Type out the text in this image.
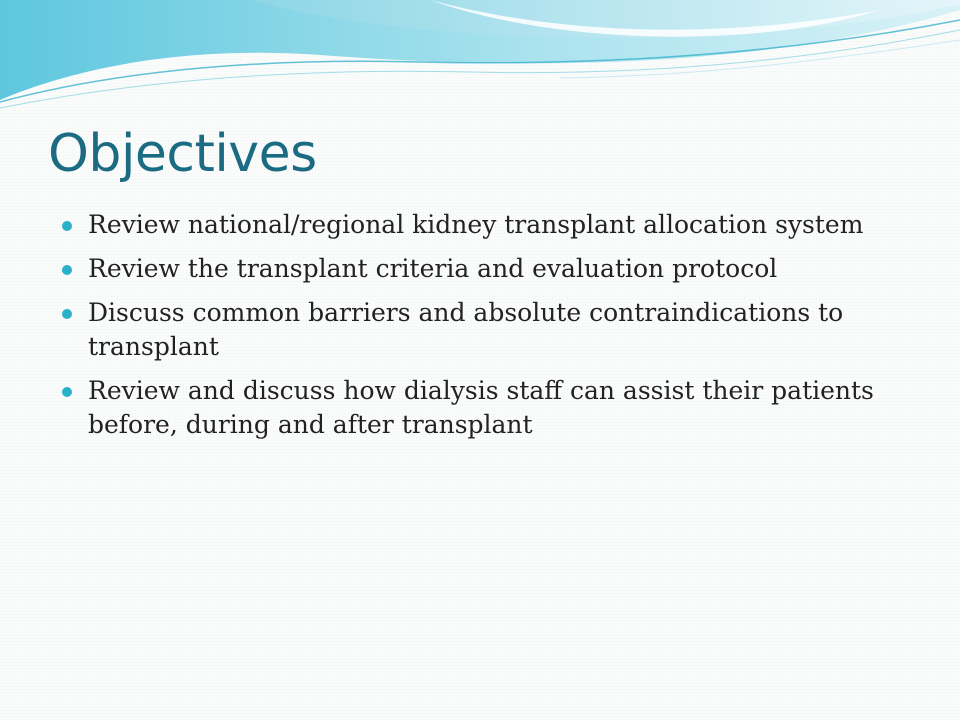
Objectives
Review national/regional kidney transplant allocation system
Review the transplant criteria and evaluation protocol
Discuss common barriers and absolute contraindications to transplant
Review and discuss how dialysis staff can assist their patients before, during and after transplant
